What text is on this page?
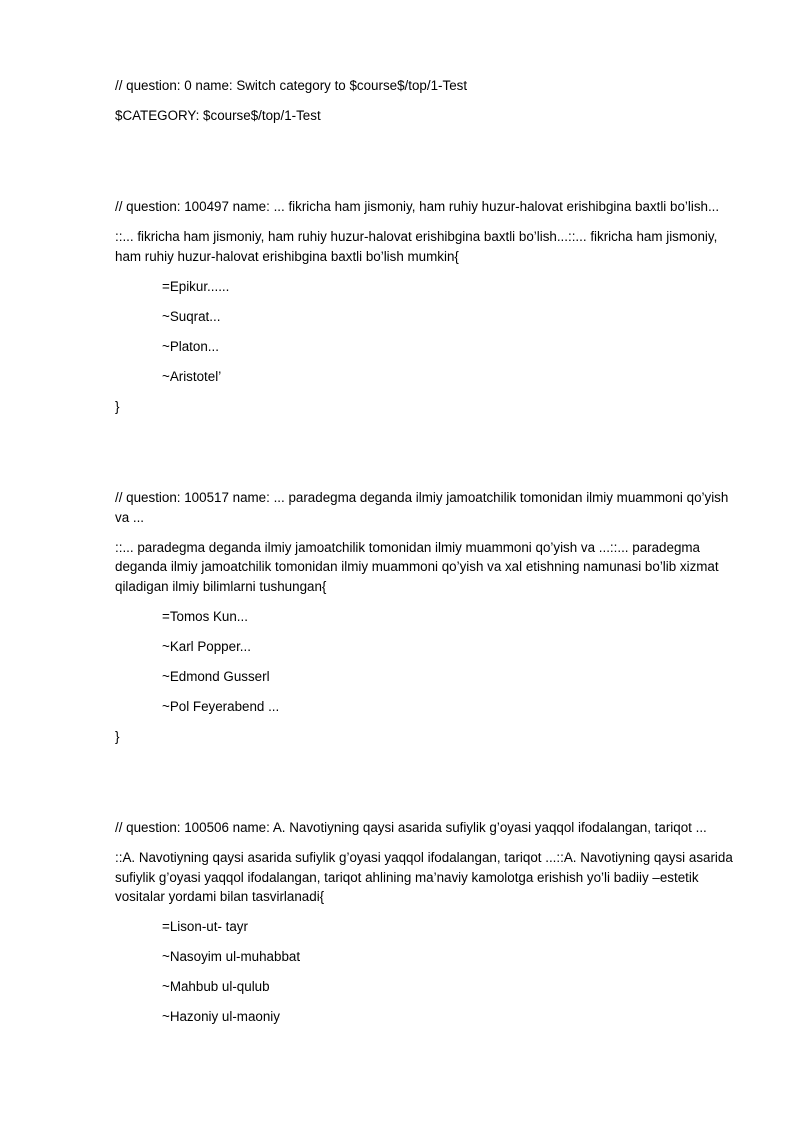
// question: 0 name: Switch category to $course$/top/1-Test

$CATEGORY: $course$/top/1-Test

// question: 100497 name: ... fikricha ham jismoniy, ham ruhiy huzur-halovat erishibgina baxtli bo’lish...

::... fikricha ham jismoniy, ham ruhiy huzur-halovat erishibgina baxtli bo’lish...::... fikricha ham jismoniy, ham ruhiy huzur-halovat erishibgina baxtli bo’lish mumkin{

=Epikur......

~Suqrat...

~Platon...

~Aristotel’

}

// question: 100517 name: ... paradegma deganda ilmiy jamoatchilik tomonidan ilmiy muammoni qo’yish va ...

::... paradegma deganda ilmiy jamoatchilik tomonidan ilmiy muammoni qo’yish va ...::... paradegma deganda ilmiy jamoatchilik tomonidan ilmiy muammoni qo’yish va xal etishning namunasi bo’lib xizmat qiladigan ilmiy bilimlarni tushungan{

=Tomos Kun...

~Karl Popper...

~Edmond Gusserl

~Pol Feyerabend ...

}

// question: 100506 name: A. Navotiyning qaysi asarida sufiylik g’oyasi yaqqol ifodalangan, tariqot ...

::A. Navotiyning qaysi asarida sufiylik g’oyasi yaqqol ifodalangan, tariqot ...::A. Navotiyning qaysi asarida sufiylik g’oyasi yaqqol ifodalangan, tariqot ahlining ma’naviy kamolotga erishish yo’li badiiy –estetik vositalar yordami bilan tasvirlanadi{

=Lison-ut- tayr

~Nasoyim ul-muhabbat

~Mahbub ul-qulub

~Hazoniy ul-maoniy
